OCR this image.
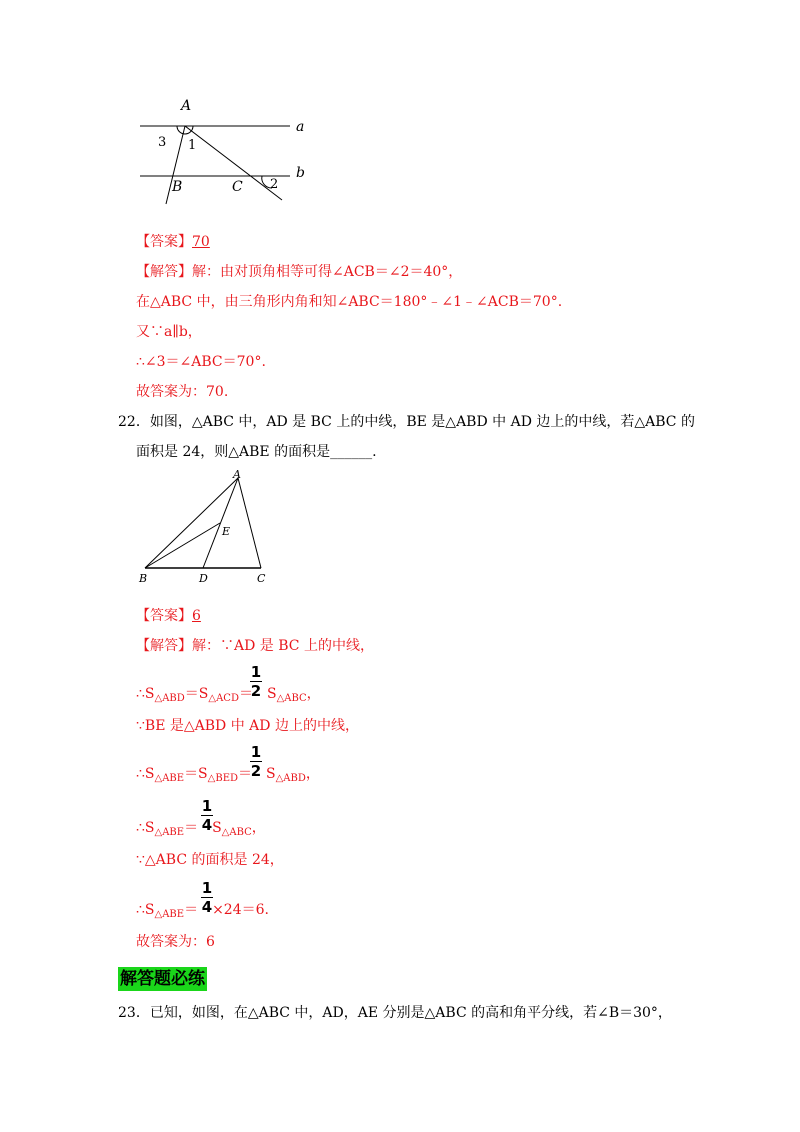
A
a
b
B	C
1
2
3
【答案】70
【解答】解：由对顶角相等可得∠ACB＝∠2＝40°，
在△ABC 中，由三角形内角和知∠ABC＝180°﹣∠1﹣∠ACB＝70°.
又∵a∥b，
∴∠3＝∠ABC＝70°.
故答案为：70.
22．如图，△ABC 中，AD 是 BC 上的中线，BE 是△ABD 中 AD 边上的中线，若△ABC 的
面积是 24，则△ABE 的面积是______.
A
E
B	D	C
【答案】6
【解答】解：∵AD 是 BC 上的中线，
$\therefore S_{\triangle ABD}=S_{\triangle ACD}= S_{\triangle ABC}$，
1
2
∵BE 是△ABD 中 AD 边上的中线，
$\therefore S_{\triangle ABE}=S_{\triangle BED}= S_{\triangle ABD}$，
1
2
$\therefore S_{\triangle ABE}= S_{\triangle ABC}$，
1
4
∵△ABC 的面积是 24，
$\therefore S_{\triangle ABE}= \times 24=6$.
1
4
故答案为：6
解答题必练
23．已知，如图，在△ABC 中，AD，AE 分别是△ABC 的高和角平分线，若∠B＝30°，
